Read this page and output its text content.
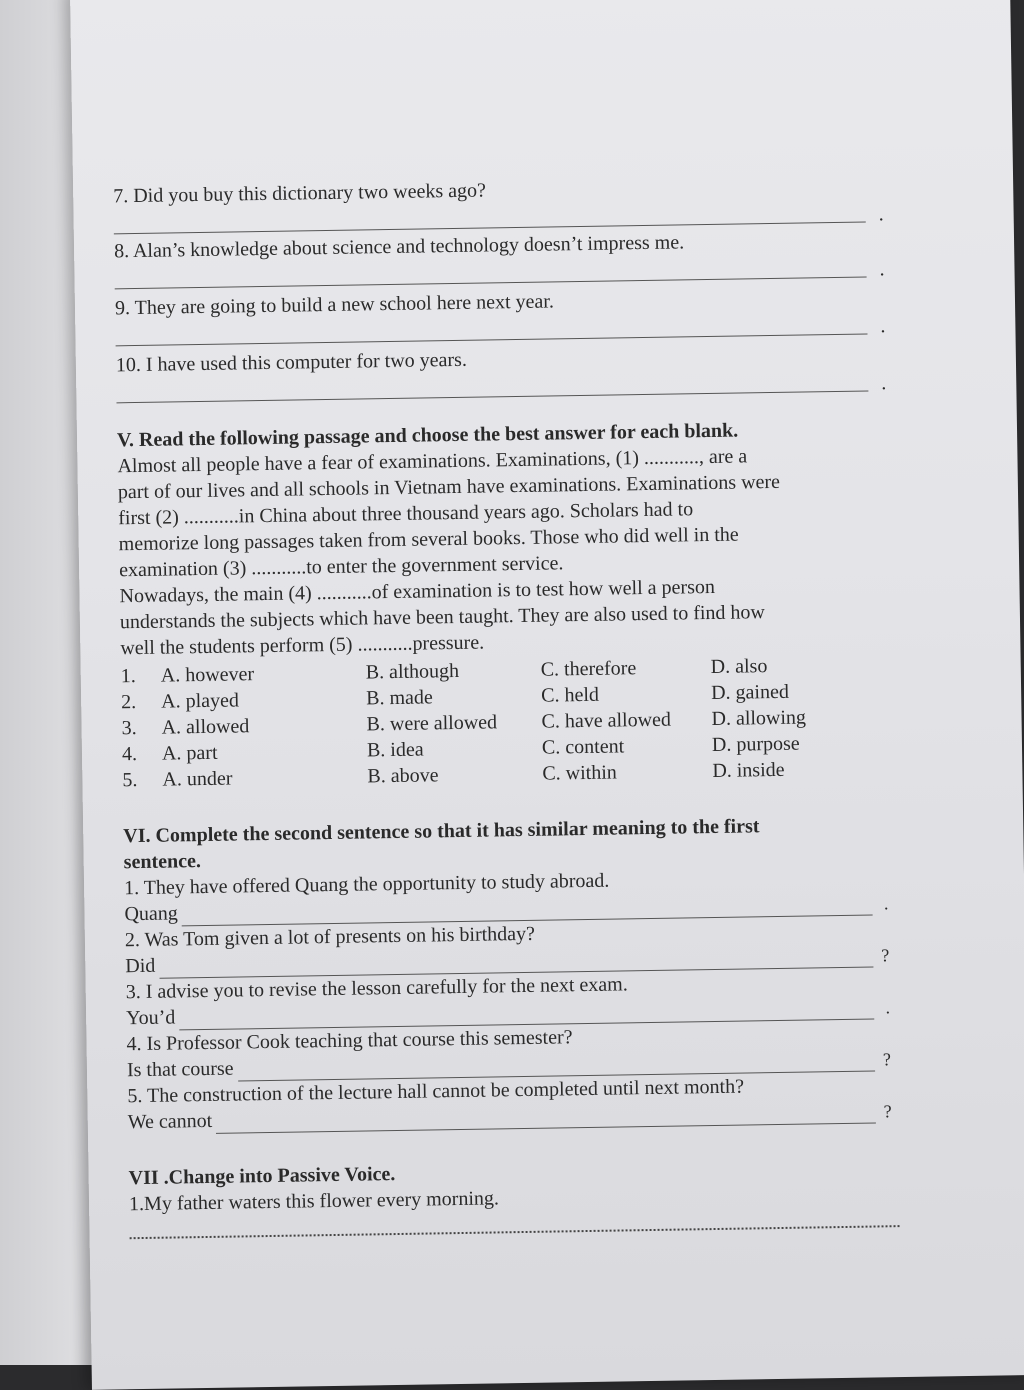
7. Did you buy this dictionary two weeks ago?
.
8. Alan’s knowledge about science and technology doesn’t impress me.
.
9. They are going to build a new school here next year.
.
10. I have used this computer for two years.
.
V. Read the following passage and choose the best answer for each blank.

Almost all people have a fear of examinations. Examinations, (1) ..........., are a

part of our lives and all schools in Vietnam have examinations. Examinations were

first (2) ...........in China about three thousand years ago. Scholars had to

memorize long passages taken from several books. Those who did well in the

examination (3) ...........to enter the government service.

Nowadays, the main (4) ...........of examination is to test how well a person

understands the subjects which have been taught. They are also used to find how

well the students perform (5) ...........pressure.

1.	A. however	B. although	C. therefore	D. also
2.	A. played	B. made	C. held	D. gained
3.	A. allowed	B. were allowed	C. have allowed	D. allowing
4.	A. part	B. idea	C. content	D. purpose
5.	A. under	B. above	C. within	D. inside
VI. Complete the second sentence so that it has similar meaning to the first
sentence.
1. They have offered Quang the opportunity to study abroad.
Quang	.
2. Was Tom given a lot of presents on his birthday?
Did	?
3. I advise you to revise the lesson carefully for the next exam.
You’d	.
4. Is Professor Cook teaching that course this semester?
Is that course	?
5. The construction of the lecture hall cannot be completed until next month?
We cannot	?
VII .Change into Passive Voice.
1.My father waters this flower every morning.
